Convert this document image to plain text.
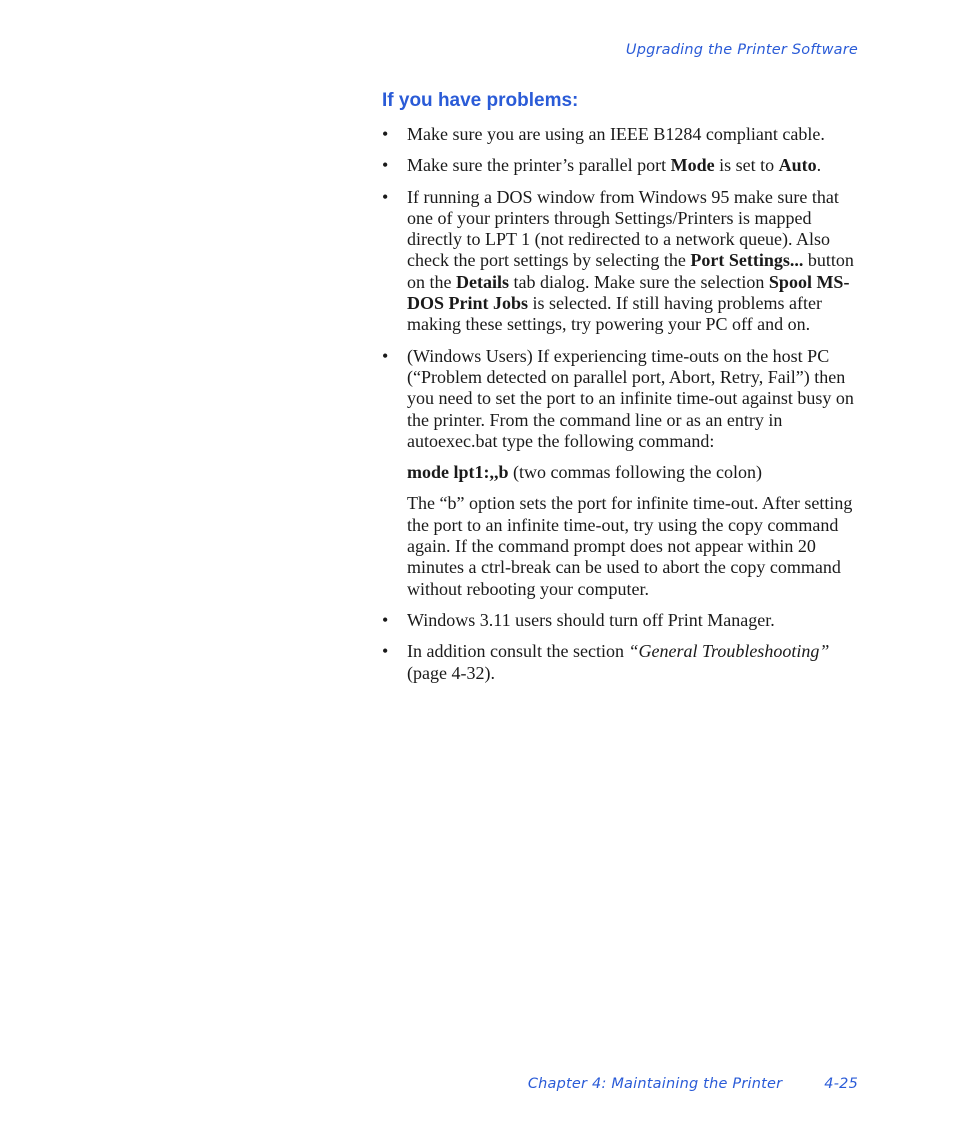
Upgrading the Printer Software
If you have problems:
• Make sure you are using an IEEE B1284 compliant cable.
• Make sure the printer’s parallel port Mode is set to Auto.
• If running a DOS window from Windows 95 make sure that one of your printers through Settings/Printers is mapped directly to LPT 1 (not redirected to a network queue). Also check the port settings by selecting the Port Settings... button on the Details tab dialog. Make sure the selection Spool MS-DOS Print Jobs is selected. If still having problems after making these settings, try powering your PC off and on.
• (Windows Users) If experiencing time-outs on the host PC (“Problem detected on parallel port, Abort, Retry, Fail”) then you need to set the port to an infinite time-out against busy on the printer. From the command line or as an entry in autoexec.bat type the following command:

mode lpt1:,,b (two commas following the colon)

The “b” option sets the port for infinite time-out. After setting the port to an infinite time-out, try using the copy command again. If the command prompt does not appear within 20 minutes a ctrl-break can be used to abort the copy command without rebooting your computer.

• Windows 3.11 users should turn off Print Manager.
• In addition consult the section “General Troubleshooting” (page 4-32).
Chapter 4: Maintaining the Printer	4-25
